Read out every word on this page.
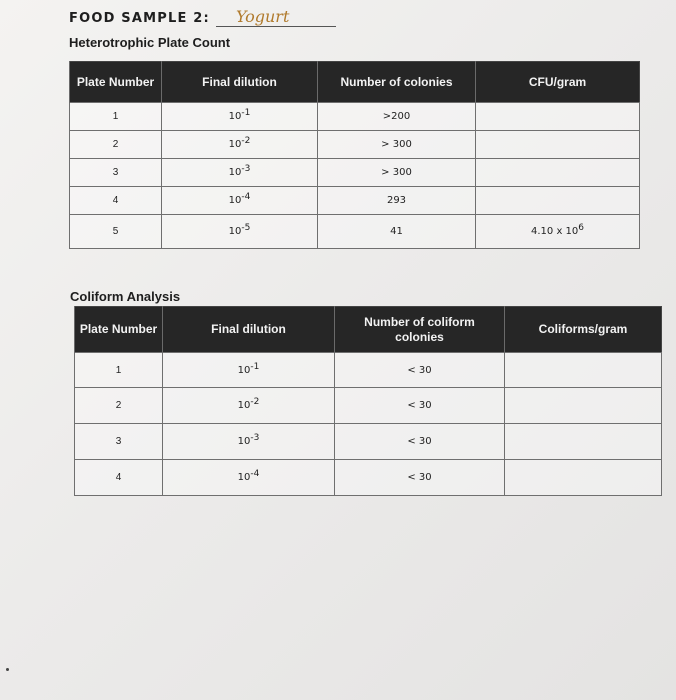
FOOD SAMPLE 2:	Yogurt
Heterotrophic Plate Count
Plate Number	Final dilution	Number of colonies	CFU/gram
1	$10^{-1}$	>200	
2	$10^{-2}$	> 300	
3	$10^{-3}$	> 300	
4	$10^{-4}$	293	
5	$10^{-5}$	41	4.10 x $10^6$
Coliform Analysis
Plate Number	Final dilution	Number of coliform colonies	Coliforms/gram
1	$10^{-1}$	< 30	
2	$10^{-2}$	< 30	
3	$10^{-3}$	< 30	
4	$10^{-4}$	< 30	
